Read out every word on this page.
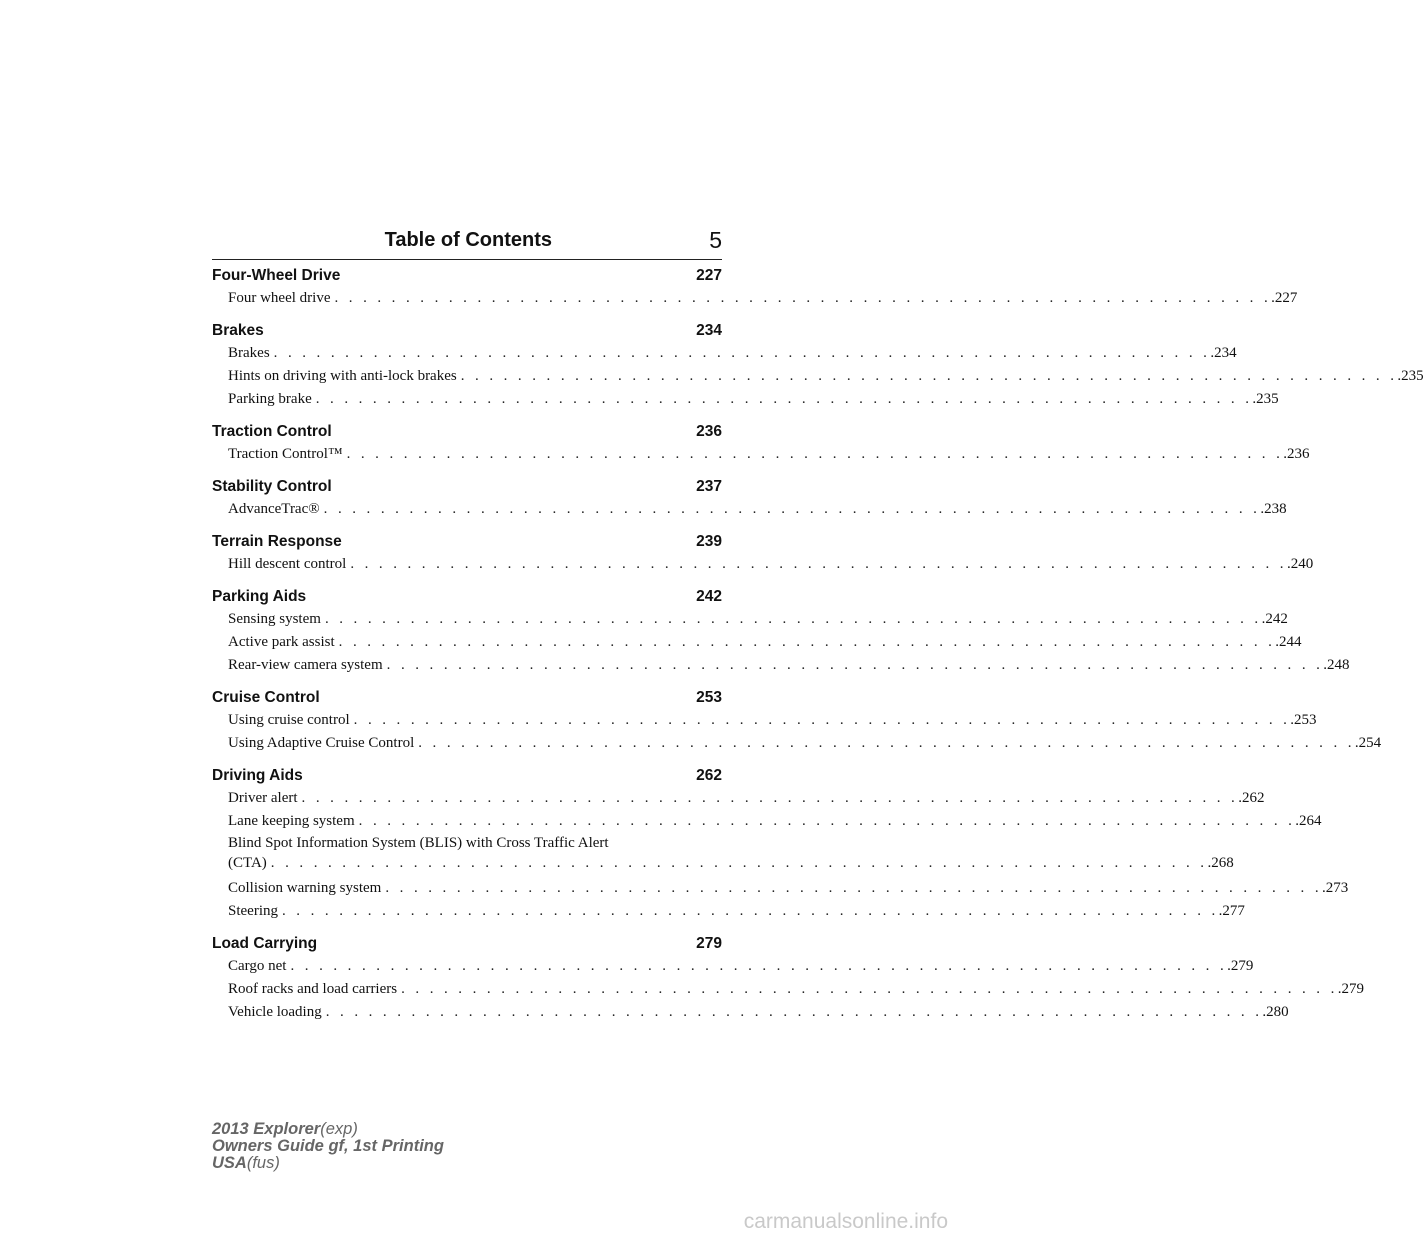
Table of Contents	5
Four-Wheel Drive	227
Four wheel drive . . . . . . . . . . . . . . . . . . . . . . . . . . . . . . . . . . . . . . . . . . . . . . . . . . . . . . . . . . . . . . . . . . .227
Brakes	234
Brakes . . . . . . . . . . . . . . . . . . . . . . . . . . . . . . . . . . . . . . . . . . . . . . . . . . . . . . . . . . . . . . . . . . .234
Hints on driving with anti-lock brakes . . . . . . . . . . . . . . . . . . . . . . . . . . . . . . . . . . . . . . . . . . . . . . . . . . . . . . . . . . . . . . . . . . .235
Parking brake . . . . . . . . . . . . . . . . . . . . . . . . . . . . . . . . . . . . . . . . . . . . . . . . . . . . . . . . . . . . . . . . . . .235
Traction Control	236
Traction Control™ . . . . . . . . . . . . . . . . . . . . . . . . . . . . . . . . . . . . . . . . . . . . . . . . . . . . . . . . . . . . . . . . . . .236
Stability Control	237
AdvanceTrac® . . . . . . . . . . . . . . . . . . . . . . . . . . . . . . . . . . . . . . . . . . . . . . . . . . . . . . . . . . . . . . . . . . .238
Terrain Response	239
Hill descent control . . . . . . . . . . . . . . . . . . . . . . . . . . . . . . . . . . . . . . . . . . . . . . . . . . . . . . . . . . . . . . . . . . .240
Parking Aids	242
Sensing system . . . . . . . . . . . . . . . . . . . . . . . . . . . . . . . . . . . . . . . . . . . . . . . . . . . . . . . . . . . . . . . . . . .242
Active park assist . . . . . . . . . . . . . . . . . . . . . . . . . . . . . . . . . . . . . . . . . . . . . . . . . . . . . . . . . . . . . . . . . . .244
Rear-view camera system . . . . . . . . . . . . . . . . . . . . . . . . . . . . . . . . . . . . . . . . . . . . . . . . . . . . . . . . . . . . . . . . . . .248
Cruise Control	253
Using cruise control . . . . . . . . . . . . . . . . . . . . . . . . . . . . . . . . . . . . . . . . . . . . . . . . . . . . . . . . . . . . . . . . . . .253
Using Adaptive Cruise Control . . . . . . . . . . . . . . . . . . . . . . . . . . . . . . . . . . . . . . . . . . . . . . . . . . . . . . . . . . . . . . . . . . .254
Driving Aids	262
Driver alert . . . . . . . . . . . . . . . . . . . . . . . . . . . . . . . . . . . . . . . . . . . . . . . . . . . . . . . . . . . . . . . . . . .262
Lane keeping system . . . . . . . . . . . . . . . . . . . . . . . . . . . . . . . . . . . . . . . . . . . . . . . . . . . . . . . . . . . . . . . . . . .264
Blind Spot Information System (BLIS) with Cross Traffic Alert
(CTA) . . . . . . . . . . . . . . . . . . . . . . . . . . . . . . . . . . . . . . . . . . . . . . . . . . . . . . . . . . . . . . . . . . .268
Collision warning system . . . . . . . . . . . . . . . . . . . . . . . . . . . . . . . . . . . . . . . . . . . . . . . . . . . . . . . . . . . . . . . . . . .273
Steering . . . . . . . . . . . . . . . . . . . . . . . . . . . . . . . . . . . . . . . . . . . . . . . . . . . . . . . . . . . . . . . . . . .277
Load Carrying	279
Cargo net . . . . . . . . . . . . . . . . . . . . . . . . . . . . . . . . . . . . . . . . . . . . . . . . . . . . . . . . . . . . . . . . . . .279
Roof racks and load carriers . . . . . . . . . . . . . . . . . . . . . . . . . . . . . . . . . . . . . . . . . . . . . . . . . . . . . . . . . . . . . . . . . . .279
Vehicle loading . . . . . . . . . . . . . . . . . . . . . . . . . . . . . . . . . . . . . . . . . . . . . . . . . . . . . . . . . . . . . . . . . . .280
2013 Explorer(exp)
Owners Guide gf, 1st Printing
USA(fus)
carmanualsonline.info
